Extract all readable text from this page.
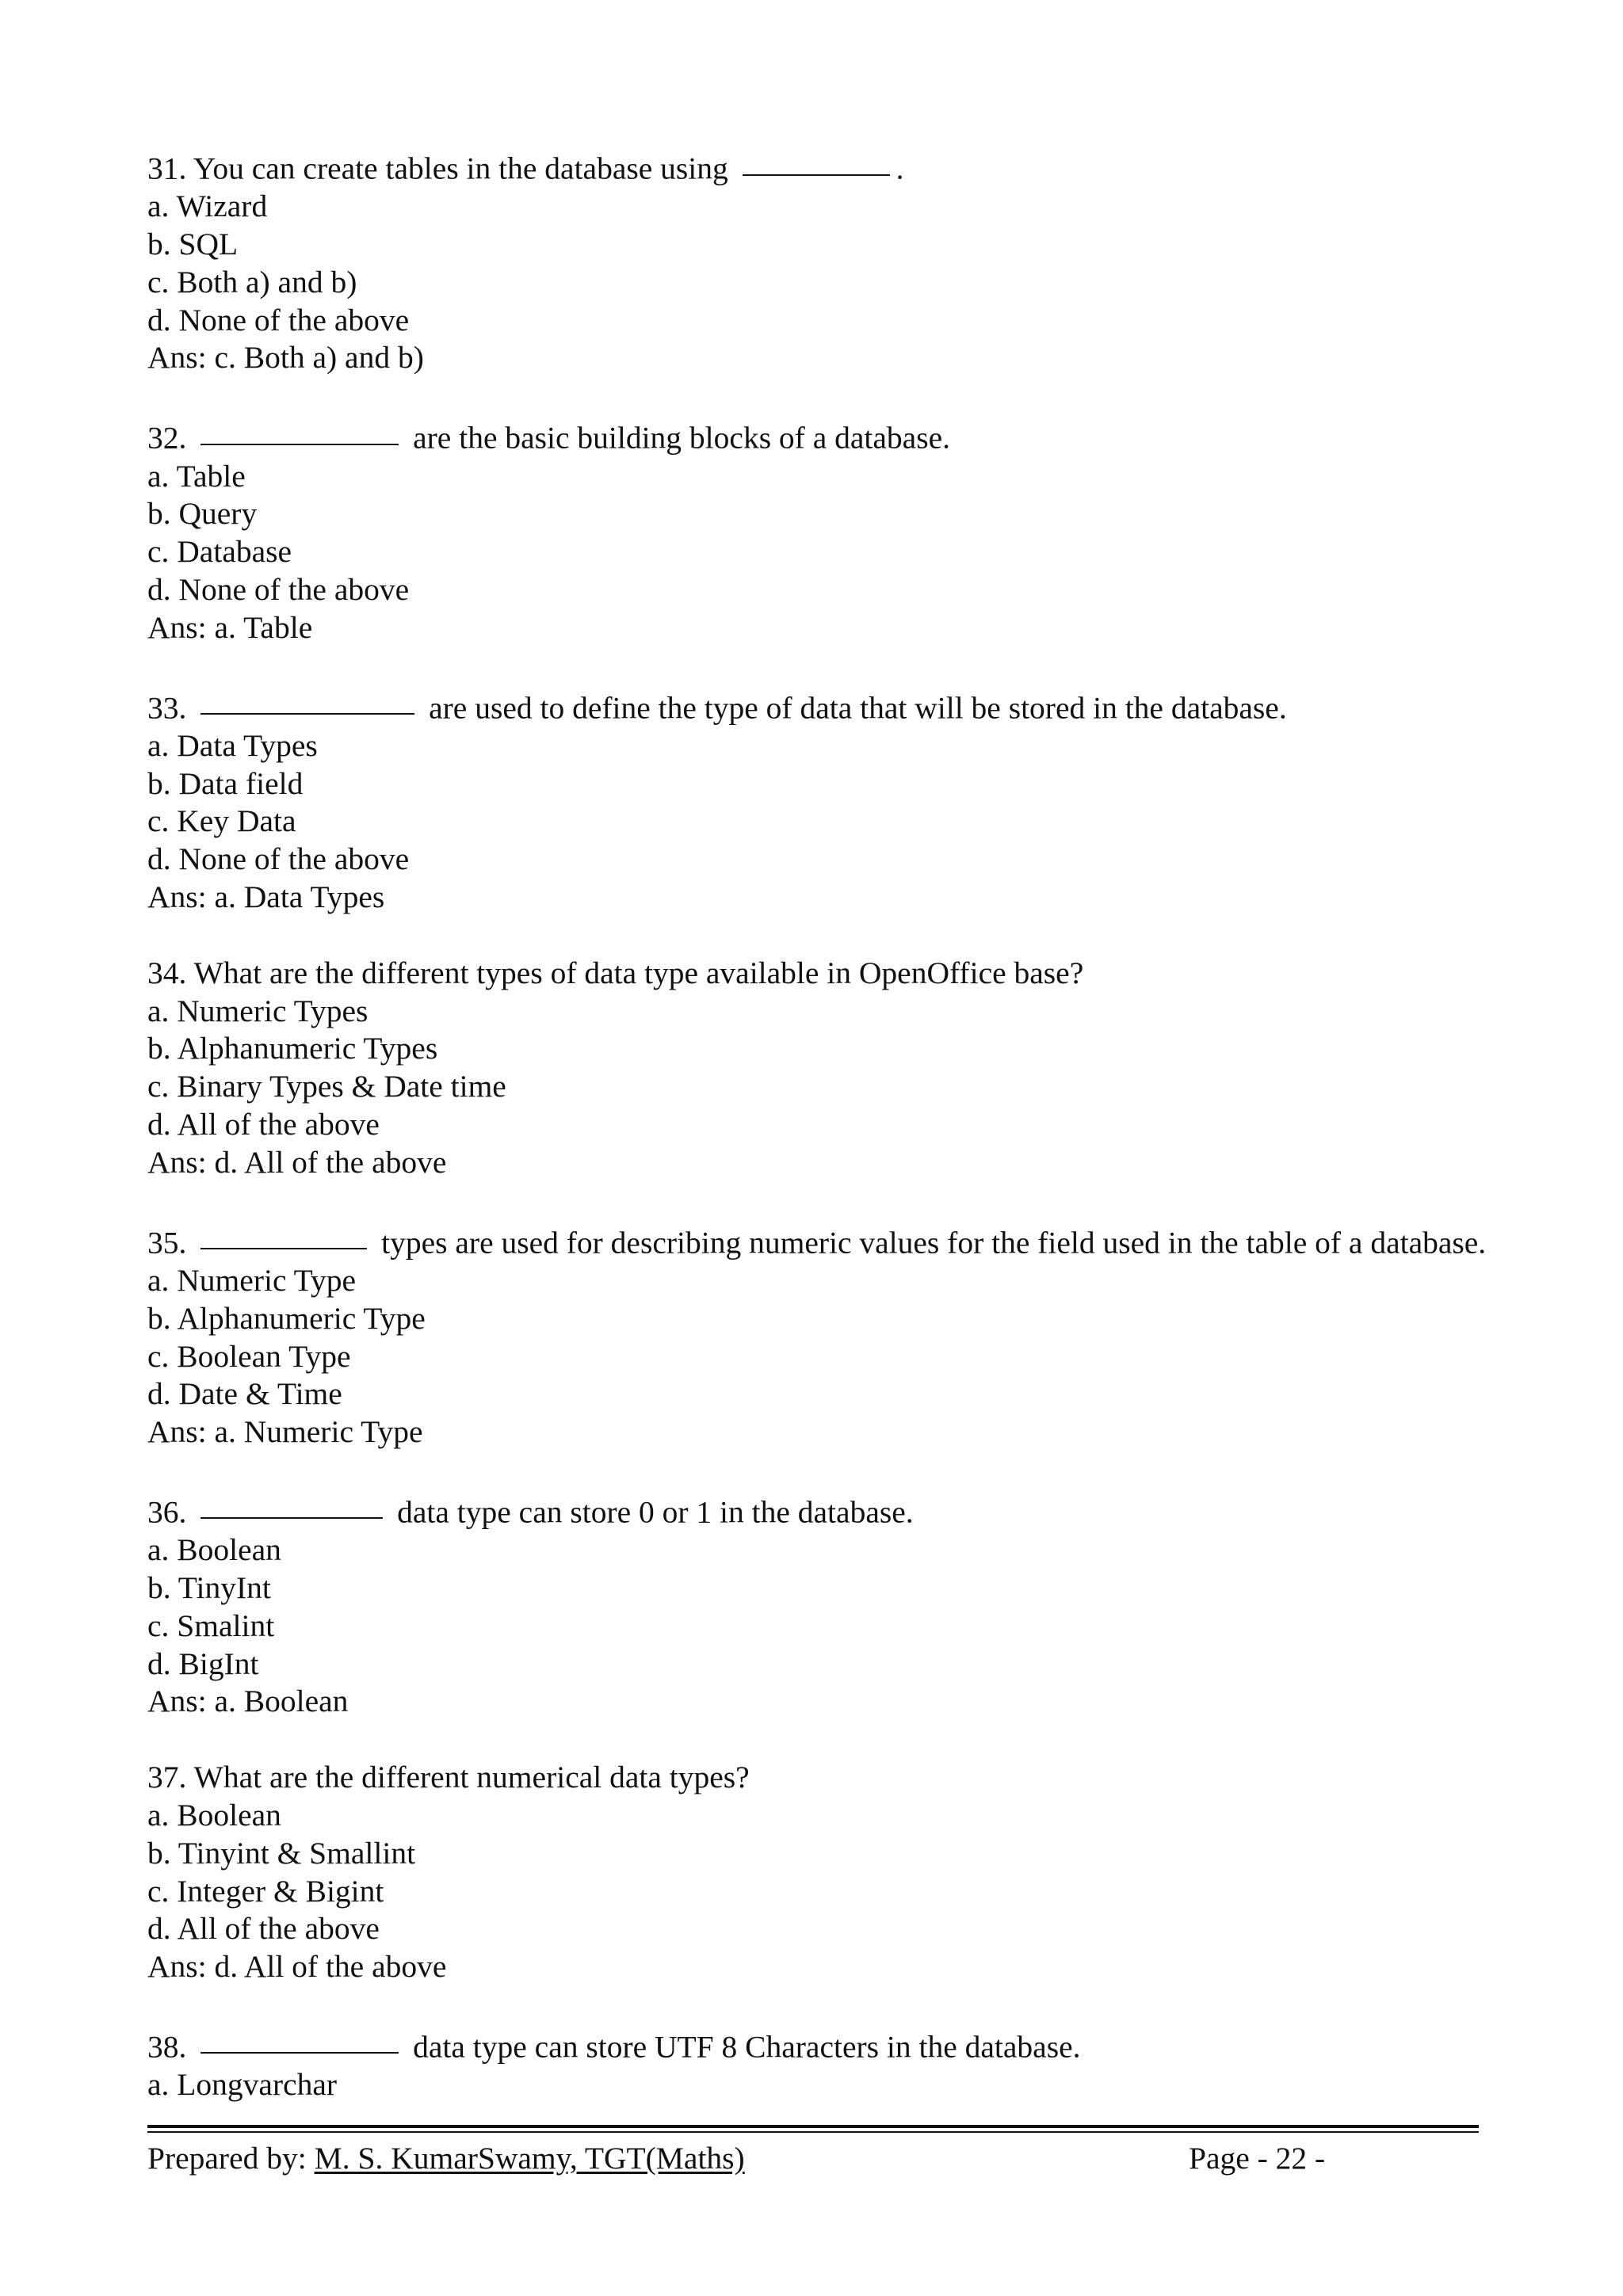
31. You can create tables in the database using	.
a. Wizard
b. SQL
c. Both a) and b)
d. None of the above
Ans: c. Both a) and b)
32.	are the basic building blocks of a database.
a. Table
b. Query
c. Database
d. None of the above
Ans: a. Table
33.	are used to define the type of data that will be stored in the database.
a. Data Types
b. Data field
c. Key Data
d. None of the above
Ans: a. Data Types
34. What are the different types of data type available in OpenOffice base?
a. Numeric Types
b. Alphanumeric Types
c. Binary Types & Date time
d. All of the above
Ans: d. All of the above
35.	types are used for describing numeric values for the field used in the table of a database.
a. Numeric Type
b. Alphanumeric Type
c. Boolean Type
d. Date & Time
Ans: a. Numeric Type
36.	data type can store 0 or 1 in the database.
a. Boolean
b. TinyInt
c. Smalint
d. BigInt
Ans: a. Boolean
37. What are the different numerical data types?
a. Boolean
b. Tinyint & Smallint
c. Integer & Bigint
d. All of the above
Ans: d. All of the above
38.	data type can store UTF 8 Characters in the database.
a. Longvarchar
Prepared by: M. S. KumarSwamy, TGT(Maths)	Page - 22 -
